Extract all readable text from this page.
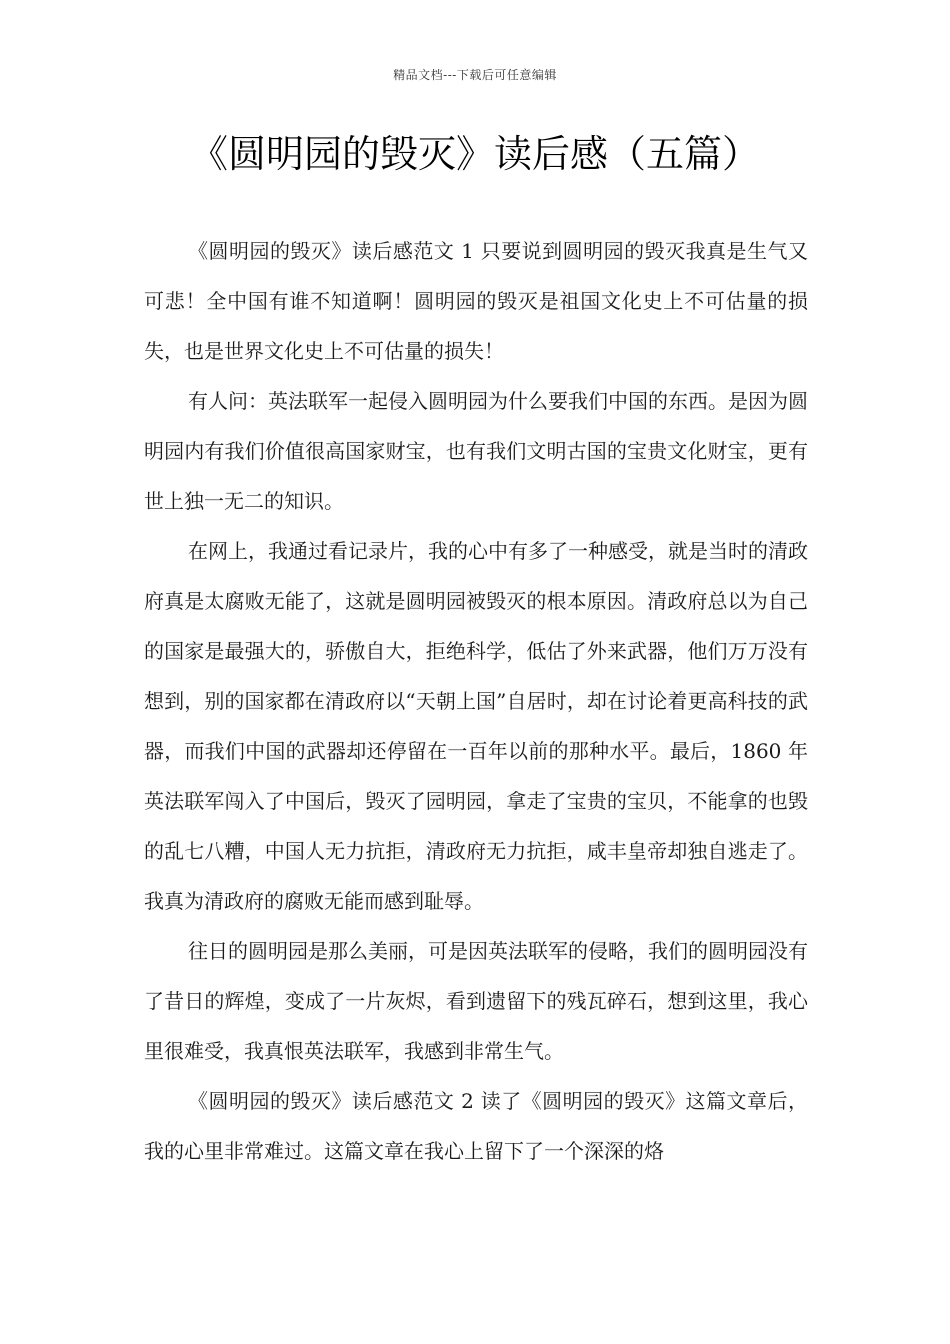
精品文档---下载后可任意编辑
《圆明园的毁灭》读后感（五篇）

《圆明园的毁灭》读后感范文 1 只要说到圆明园的毁灭我真是生气又可悲！全中国有谁不知道啊！圆明园的毁灭是祖国文化史上不可估量的损失，也是世界文化史上不可估量的损失！

有人问：英法联军一起侵入圆明园为什么要我们中国的东西。是因为圆明园内有我们价值很高国家财宝，也有我们文明古国的宝贵文化财宝，更有世上独一无二的知识。

在网上，我通过看记录片，我的心中有多了一种感受，就是当时的清政府真是太腐败无能了，这就是圆明园被毁灭的根本原因。清政府总以为自己的国家是最强大的，骄傲自大，拒绝科学，低估了外来武器，他们万万没有想到，别的国家都在清政府以“天朝上国”自居时，却在讨论着更高科技的武器，而我们中国的武器却还停留在一百年以前的那种水平。最后，1860 年英法联军闯入了中国后，毁灭了园明园，拿走了宝贵的宝贝，不能拿的也毁的乱七八糟，中国人无力抗拒，清政府无力抗拒，咸丰皇帝却独自逃走了。我真为清政府的腐败无能而感到耻辱。

往日的圆明园是那么美丽，可是因英法联军的侵略，我们的圆明园没有了昔日的辉煌，变成了一片灰烬，看到遗留下的残瓦碎石，想到这里，我心里很难受，我真恨英法联军，我感到非常生气。

《圆明园的毁灭》读后感范文 2 读了《圆明园的毁灭》这篇文章后，我的心里非常难过。这篇文章在我心上留下了一个深深的烙
